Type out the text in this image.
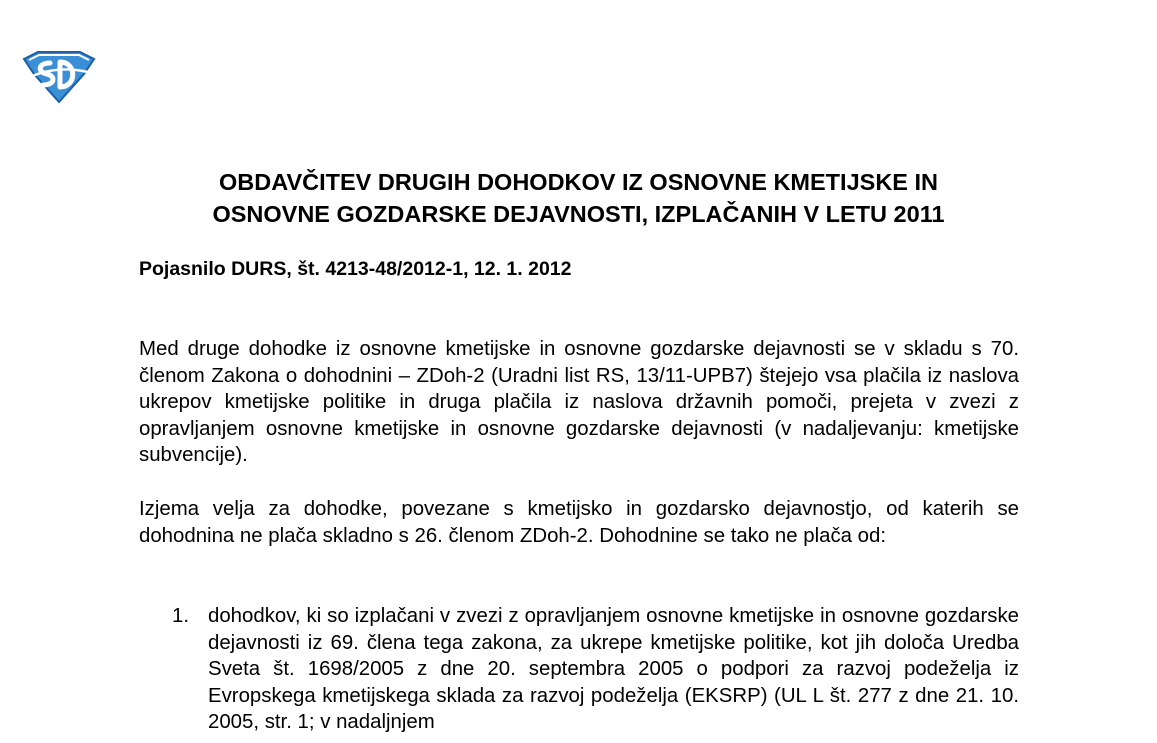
OBDAVČITEV DRUGIH DOHODKOV IZ OSNOVNE KMETIJSKE IN
OSNOVNE GOZDARSKE DEJAVNOSTI, IZPLAČANIH V LETU 2011
Pojasnilo DURS, št. 4213-48/2012-1, 12. 1. 2012
Med druge dohodke iz osnovne kmetijske in osnovne gozdarske dejavnosti se v skladu s 70. členom Zakona o dohodnini – ZDoh-2 (Uradni list RS, 13/11-UPB7) štejejo vsa plačila iz naslova ukrepov kmetijske politike in druga plačila iz naslova državnih pomoči, prejeta v zvezi z opravljanjem osnovne kmetijske in osnovne gozdarske dejavnosti (v nadaljevanju: kmetijske subvencije).
Izjema velja za dohodke, povezane s kmetijsko in gozdarsko dejavnostjo, od katerih se dohodnina ne plača skladno s 26. členom ZDoh-2. Dohodnine se tako ne plača od:
1. dohodkov, ki so izplačani v zvezi z opravljanjem osnovne kmetijske in osnovne gozdarske dejavnosti iz 69. člena tega zakona, za ukrepe kmetijske politike, kot jih določa Uredba Sveta št. 1698/2005 z dne 20. septembra 2005 o podpori za razvoj podeželja iz Evropskega kmetijskega sklada za razvoj podeželja (EKSRP) (UL L št. 277 z dne 21. 10. 2005, str. 1; v nadaljnjem
